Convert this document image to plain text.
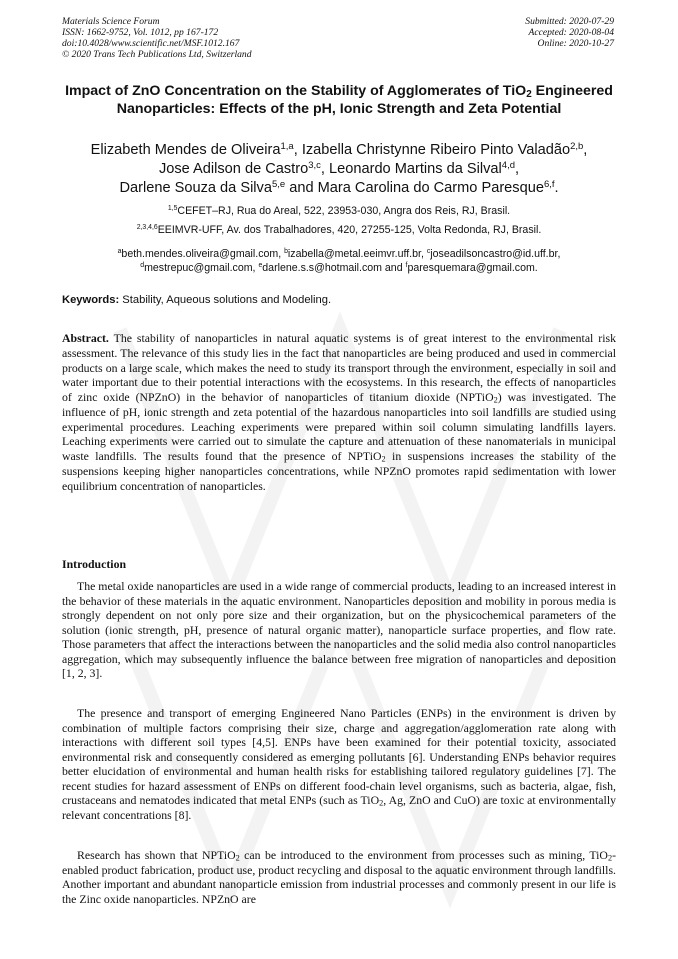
Materials Science Forum
ISSN: 1662-9752, Vol. 1012, pp 167-172
doi:10.4028/www.scientific.net/MSF.1012.167
© 2020 Trans Tech Publications Ltd, Switzerland
Submitted: 2020-07-29
Accepted: 2020-08-04
Online: 2020-10-27
Impact of ZnO Concentration on the Stability of Agglomerates of TiO$_2$ Engineered Nanoparticles: Effects of the pH, Ionic Strength and Zeta Potential
Elizabeth Mendes de Oliveira$^{1,a}$, Izabella Christynne Ribeiro Pinto Valadão$^{2,b}$,
Jose Adilson de Castro$^{3,c}$, Leonardo Martins da Silval$^{4,d}$,
Darlene Souza da Silva$^{5,e}$ and Mara Carolina do Carmo Paresque$^{6,f}$.
$^{1,5}$CEFET–RJ, Rua do Areal, 522, 23953-030, Angra dos Reis, RJ, Brasil.
$^{2,3,4,6}$EEIMVR-UFF, Av. dos Trabalhadores, 420, 27255-125, Volta Redonda, RJ, Brasil.
$^a$beth.mendes.oliveira@gmail.com, $^b$izabella@metal.eeimvr.uff.br, $^c$joseadilsoncastro@id.uff.br,
$^d$mestrepuc@gmail.com, $^e$darlene.s.s@hotmail.com and $^f$paresquemara@gmail.com.
Keywords: Stability, Aqueous solutions and Modeling.

Abstract. The stability of nanoparticles in natural aquatic systems is of great interest to the environmental risk assessment. The relevance of this study lies in the fact that nanoparticles are being produced and used in commercial products on a large scale, which makes the need to study its transport through the environment, especially in soil and water important due to their potential interactions with the ecosystems. In this research, the effects of nanoparticles of zinc oxide (NPZnO) in the behavior of nanoparticles of titanium dioxide (NPTiO$_2$) was investigated. The influence of pH, ionic strength and zeta potential of the hazardous nanoparticles into soil landfills are studied using experimental procedures. Leaching experiments were prepared within soil column simulating landfills layers. Leaching experiments were carried out to simulate the capture and attenuation of these nanomaterials in municipal waste landfills. The results found that the presence of NPTiO$_2$ in suspensions increases the stability of the suspensions keeping higher nanoparticles concentrations, while NPZnO promotes rapid sedimentation with lower equilibrium concentration of nanoparticles.

Introduction

The metal oxide nanoparticles are used in a wide range of commercial products, leading to an increased interest in the behavior of these materials in the aquatic environment. Nanoparticles deposition and mobility in porous media is strongly dependent on not only pore size and their organization, but on the physicochemical parameters of the solution (ionic strength, pH, presence of natural organic matter), nanoparticle surface properties, and flow rate. Those parameters that affect the interactions between the nanoparticles and the solid media also control nanoparticles aggregation, which may subsequently influence the balance between free migration of nanoparticles and deposition [1, 2, 3].

The presence and transport of emerging Engineered Nano Particles (ENPs) in the environment is driven by combination of multiple factors comprising their size, charge and aggregation/agglomeration rate along with interactions with different soil types [4,5]. ENPs have been examined for their potential toxicity, associated environmental risk and consequently considered as emerging pollutants [6]. Understanding ENPs behavior requires better elucidation of environmental and human health risks for establishing tailored regulatory guidelines [7]. The recent studies for hazard assessment of ENPs on different food-chain level organisms, such as bacteria, algae, fish, crustaceans and nematodes indicated that metal ENPs (such as TiO$_2$, Ag, ZnO and CuO) are toxic at environmentally relevant concentrations [8].

Research has shown that NPTiO$_2$ can be introduced to the environment from processes such as mining, TiO$_2$-enabled product fabrication, product use, product recycling and disposal to the aquatic environment through landfills. Another important and abundant nanoparticle emission from industrial processes and commonly present in our life is the Zinc oxide nanoparticles. NPZnO are
